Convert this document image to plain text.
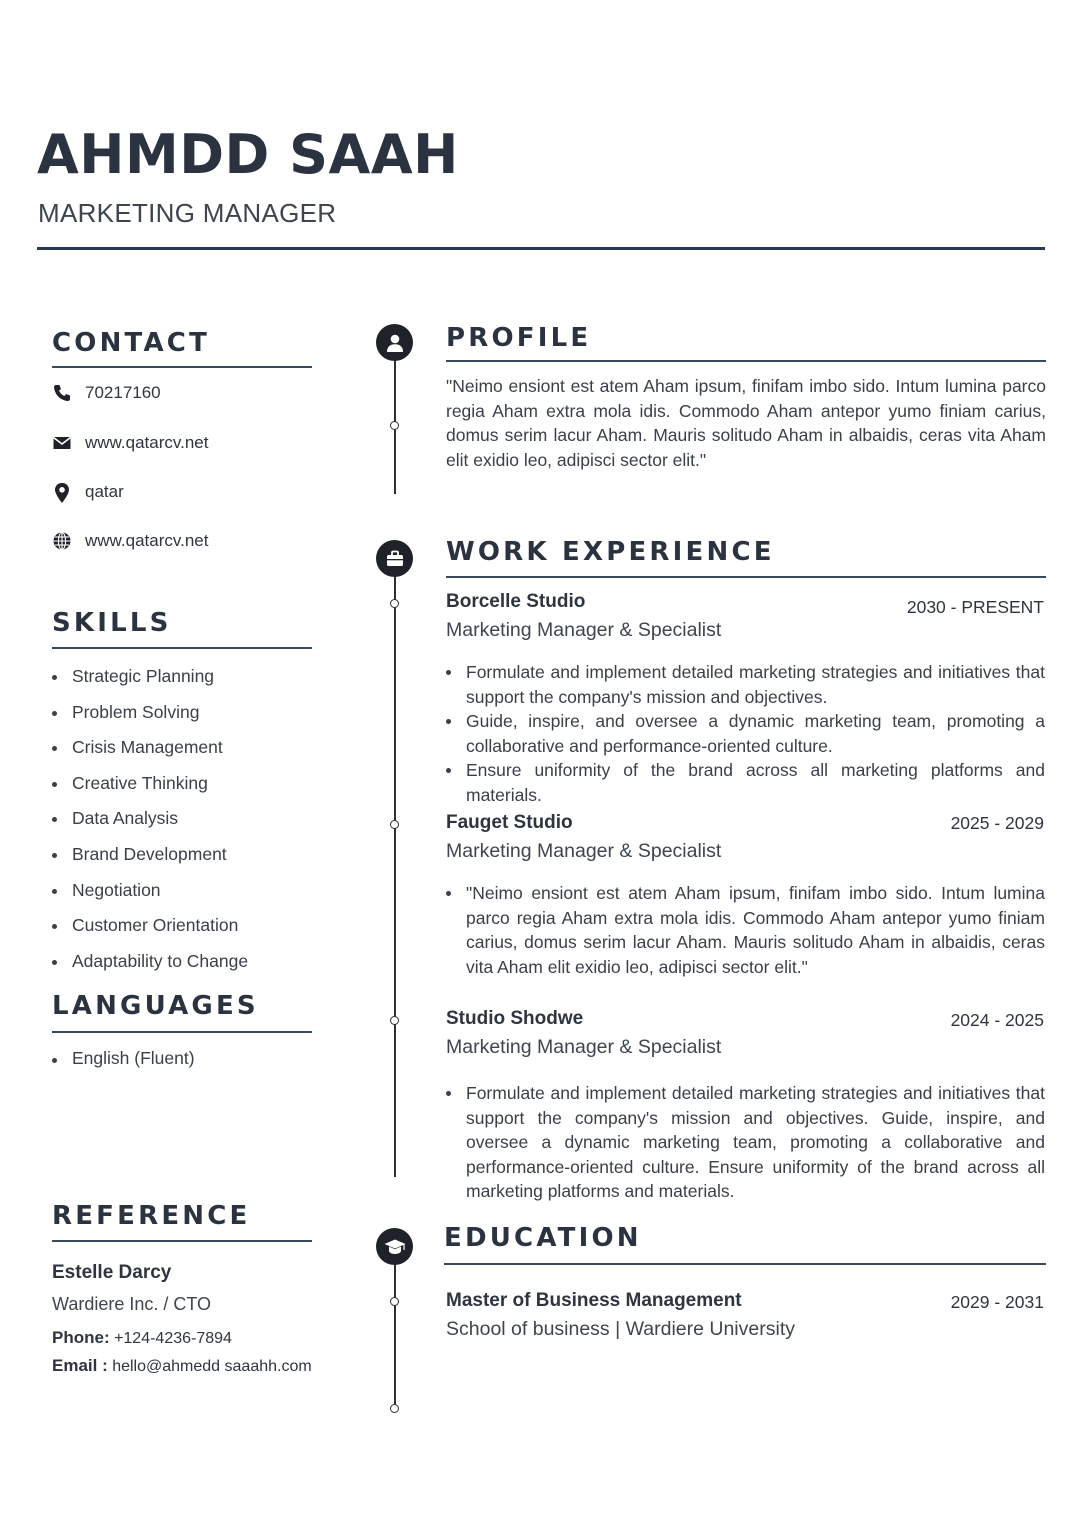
AHMDD SAAH
MARKETING MANAGER
CONTACT
70217160
www.qatarcv.net
qatar
www.qatarcv.net
SKILLS
Strategic Planning
Problem Solving
Crisis Management
Creative Thinking
Data Analysis
Brand Development
Negotiation
Customer Orientation
Adaptability to Change
LANGUAGES
English (Fluent)
REFERENCE
Estelle Darcy
Wardiere Inc. / CTO
Phone: +124-4236-7894
Email : hello@ahmedd saaahh.com
PROFILE
"Neimo ensiont est atem Aham ipsum, finifam imbo sido. Intum lumina parco regia Aham extra mola idis. Commodo Aham antepor yumo finiam carius, domus serim lacur Aham. Mauris solitudo Aham in albaidis, ceras vita Aham elit exidio leo, adipisci sector elit."
WORK EXPERIENCE
Borcelle Studio	2030 - PRESENT
Marketing Manager & Specialist
Formulate and implement detailed marketing strategies and initiatives that support the company's mission and objectives.
Guide, inspire, and oversee a dynamic marketing team, promoting a collaborative and performance-oriented culture.
Ensure uniformity of the brand across all marketing platforms and materials.
Fauget Studio	2025 - 2029
Marketing Manager & Specialist
"Neimo ensiont est atem Aham ipsum, finifam imbo sido. Intum lumina parco regia Aham extra mola idis. Commodo Aham antepor yumo finiam carius, domus serim lacur Aham. Mauris solitudo Aham in albaidis, ceras vita Aham elit exidio leo, adipisci sector elit."
Studio Shodwe	2024 - 2025
Marketing Manager & Specialist
Formulate and implement detailed marketing strategies and initiatives that support the company's mission and objectives. Guide, inspire, and oversee a dynamic marketing team, promoting a collaborative and performance-oriented culture. Ensure uniformity of the brand across all marketing platforms and materials.
EDUCATION
Master of Business Management	2029 - 2031
School of business | Wardiere University
